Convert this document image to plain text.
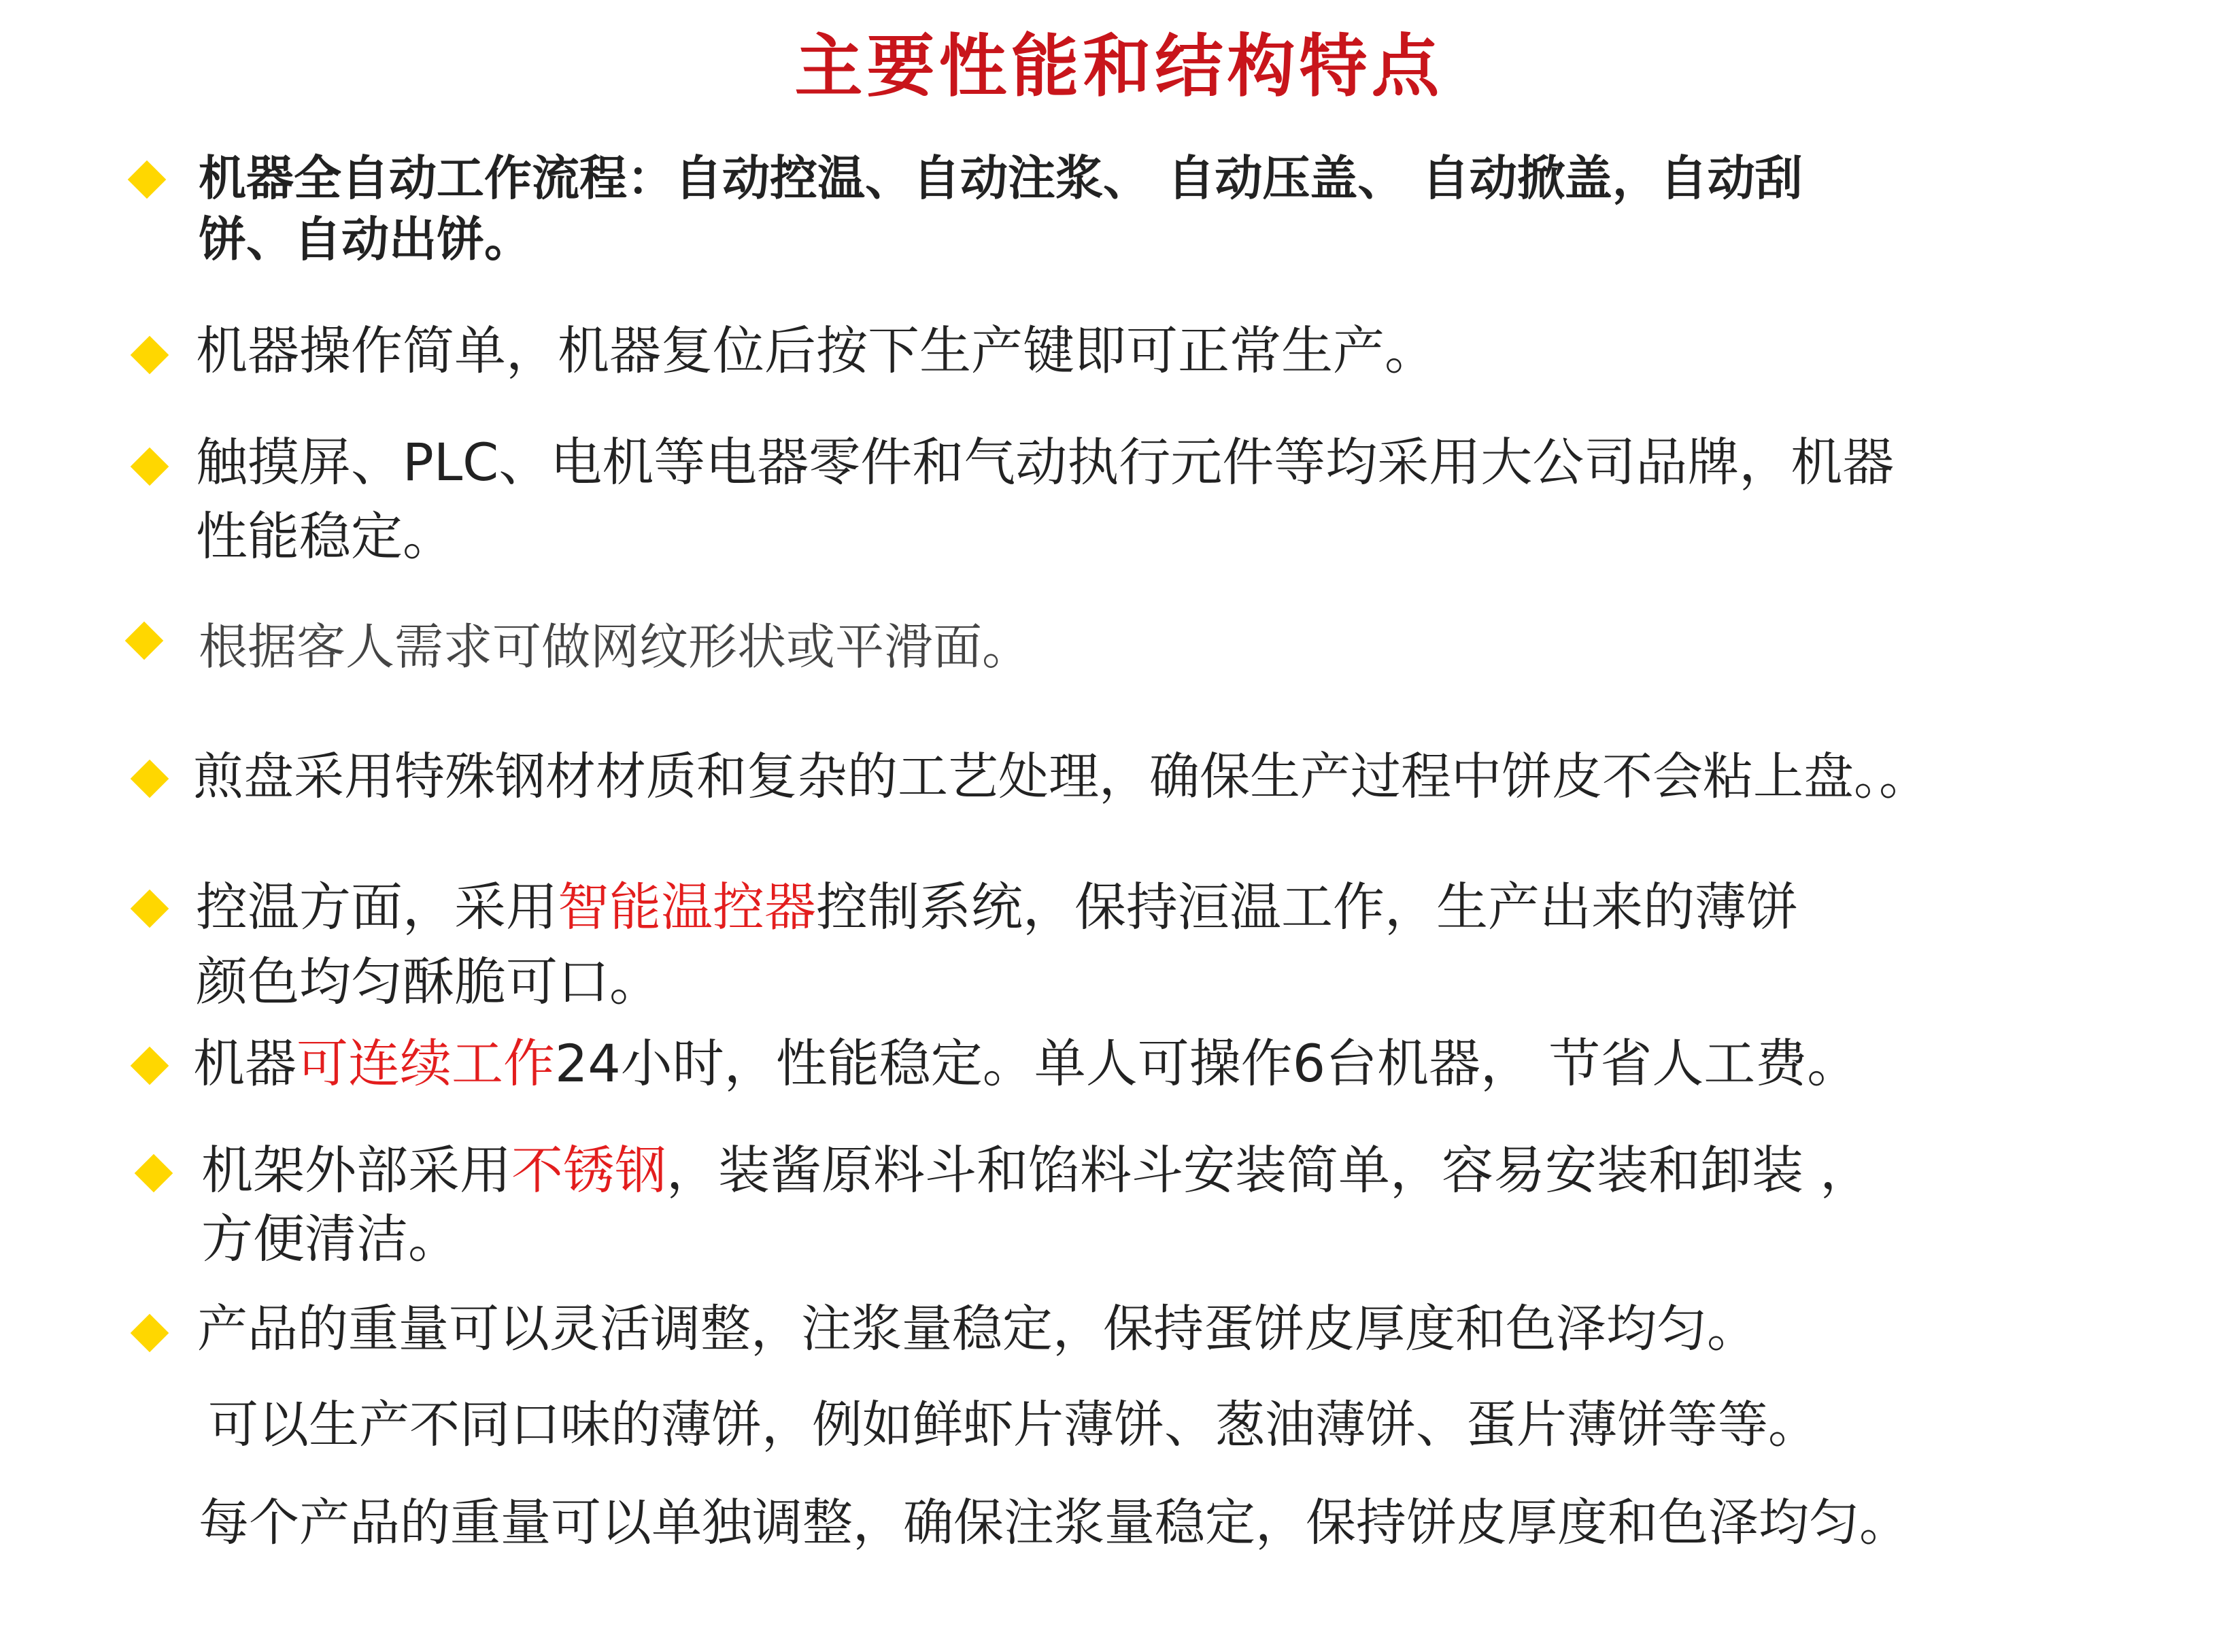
主要性能和结构特点
机器全自动工作流程：自动控温、自动注浆、 自动压盖、 自动掀盖，自动刮
饼、自动出饼。
机器操作简单，机器复位后按下生产键即可正常生产。
触摸屏、PLC、电机等电器零件和气动执行元件等均采用大公司品牌，机器
性能稳定。
根据客人需求可做网纹形状或平滑面。
煎盘采用特殊钢材材质和复杂的工艺处理，确保生产过程中饼皮不会粘上盘。。
控温方面，采用智能温控器控制系统，保持洹温工作，生产出来的薄饼
颜色均匀酥脆可口。
机器可连续工作24小时，性能稳定。单人可操作6台机器， 节省人工费。
机架外部采用不锈钢，装酱原料斗和馅料斗安装简单，容易安装和卸装 ，
方便清洁。
产品的重量可以灵活调整，注浆量稳定，保持蛋饼皮厚度和色泽均匀。
可以生产不同口味的薄饼，例如鲜虾片薄饼、葱油薄饼、蛋片薄饼等等。
每个产品的重量可以单独调整，确保注浆量稳定，保持饼皮厚度和色泽均匀。
